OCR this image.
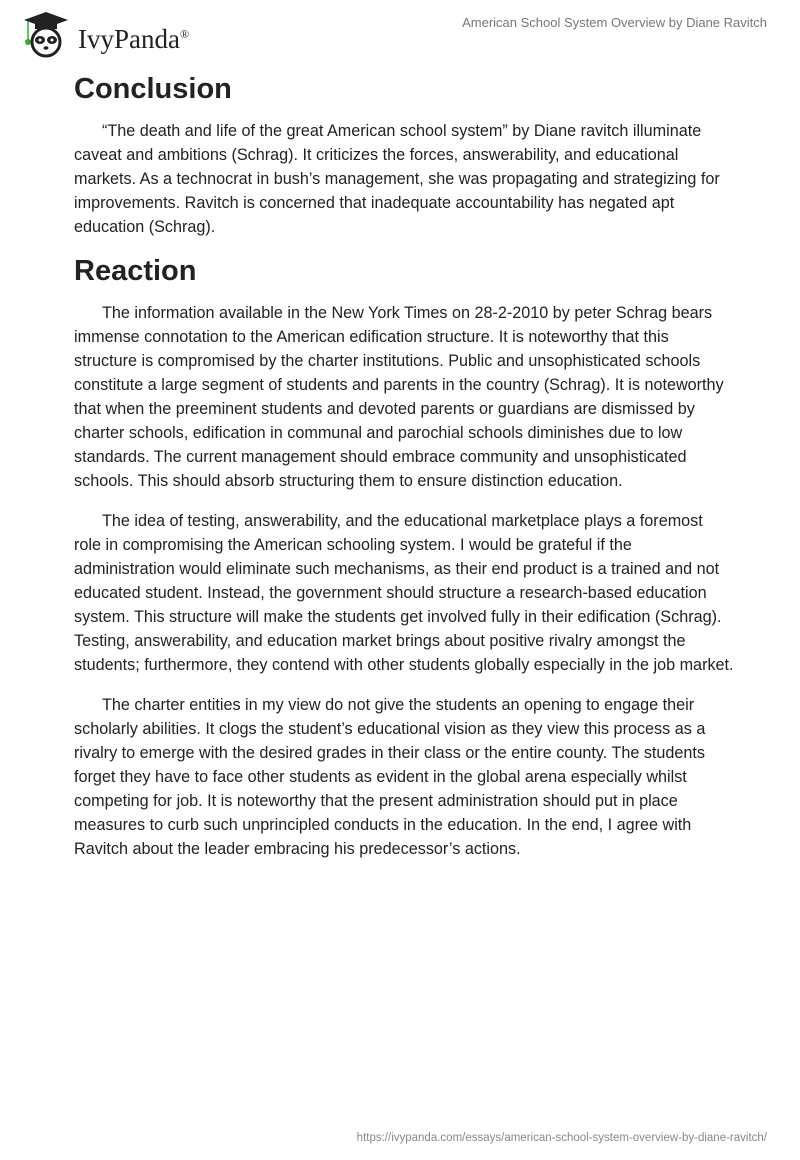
IvyPanda®
American School System Overview by Diane Ravitch
Conclusion

“The death and life of the great American school system” by Diane ravitch illuminate caveat and ambitions (Schrag). It criticizes the forces, answerability, and educational markets. As a technocrat in bush’s management, she was propagating and strategizing for improvements. Ravitch is concerned that inadequate accountability has negated apt education (Schrag).

Reaction

The information available in the New York Times on 28-2-2010 by peter Schrag bears immense connotation to the American edification structure. It is noteworthy that this structure is compromised by the charter institutions. Public and unsophisticated schools constitute a large segment of students and parents in the country (Schrag). It is noteworthy that when the preeminent students and devoted parents or guardians are dismissed by charter schools, edification in communal and parochial schools diminishes due to low standards. The current management should embrace community and unsophisticated schools. This should absorb structuring them to ensure distinction education.

The idea of testing, answerability, and the educational marketplace plays a foremost role in compromising the American schooling system. I would be grateful if the administration would eliminate such mechanisms, as their end product is a trained and not educated student. Instead, the government should structure a research-based education system. This structure will make the students get involved fully in their edification (Schrag). Testing, answerability, and education market brings about positive rivalry amongst the students; furthermore, they contend with other students globally especially in the job market.

The charter entities in my view do not give the students an opening to engage their scholarly abilities. It clogs the student’s educational vision as they view this process as a rivalry to emerge with the desired grades in their class or the entire county. The students forget they have to face other students as evident in the global arena especially whilst competing for job. It is noteworthy that the present administration should put in place measures to curb such unprincipled conducts in the education. In the end, I agree with Ravitch about the leader embracing his predecessor’s actions.

https://ivypanda.com/essays/american-school-system-overview-by-diane-ravitch/
